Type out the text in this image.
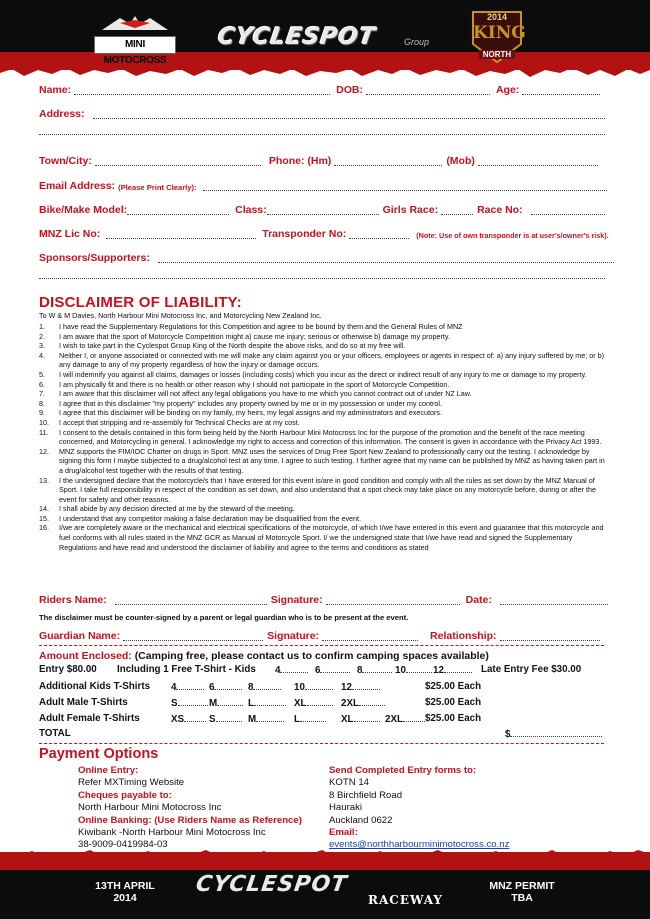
MINI MOTOCROSS
CYCLESPOT	Group
2014
KING
NORTH
Name:	DOB:	Age:
Address:
Town/City:	Phone: (Hm)	(Mob)
Email Address: (Please Print Clearly):
Bike/Make Model:	Class:	Girls Race:	Race No:
MNZ Lic No:	Transponder No:	(Note: Use of own transponder is at user's/owner's risk).
Sponsors/Supporters:
DISCLAIMER OF LIABILITY:
To W & M Davies, North Harbour Mini Motocross Inc, and Motorcycling New Zealand Inc.
1.	I have read the Supplementary Regulations for this Competition and agree to be bound by them and the General Rules of MNZ
2.	I am aware that the sport of Motorcycle Competition might a) cause me injury; serious or otherwise b) damage my property.
3.	I wish to take part in the Cyclespot Group King of the North despite the above risks, and do so at my free will.
4.	Neither I, or anyone associated or connected with me will make any claim against you or your officers, employees or agents in respect of: a) any injury suffered by me; or b) any damage to any of my property regardless of how the injury or damage occurs.
5.	I will indemnify you against all claims, damages or losses (including costs) which you incur as the direct or indirect result of any injury to me or damage to my property.
6.	I am physically fit and there is no health or other reason why I should not participate in the sport of Motorcycle Competition.
7.	I am aware that this disclaimer will not affect any legal obligations you have to me which you cannot contract out of under NZ Law.
8.	I agree that in this disclaimer "my property" includes any property owned by me or in my possession or under my control.
9.	I agree that this disclaimer will be binding on my family, my heirs, my legal assigns and my administrators and executors.
10.	I accept that stripping and re-assembly for Technical Checks are at my cost.
11.	I consent to the details contained in this form being held by the North Harbour Mini Motocross Inc for the purpose of the promotion and the benefit of the race meeting concerned, and Motorcycling in general. I acknowledge my right to access and correction of this information. The consent is given in accordance with the Privacy Act 1993.
12.	MNZ supports the FIM/IOC Charter on drugs in Sport. MNZ uses the services of Drug Free Sport New Zealand to professionally carry out the testing. I acknowledge by signing this form I maybe subjected to a drug/alcohol test at any time. I agree to such testing. I further agree that my name can be published by MNZ as having taken part in a drug/alcohol test together with the results of that testing.
13.	I the undersigned declare that the motorcycle/s that I have entered for this event is/are in good condition and comply with all the rules as set down by the MNZ Manual of Sport. I take full responsibility in respect of the condition as set down, and also understand that a spot check may take place on any motorcycle before, during or after the event for safety and other reasons.
14.	I shall abide by any decision directed at me by the steward of the meeting.
15.	I understand that any competitor making a false declaration may be disqualified from the event.
16.	I/we are completely aware or the mechanical and electrical specifications of the motorcycle, of which I/we have entered in this event and guarantee that this motorcycle and fuel conforms with all rules stated in the MNZ GCR as Manual of Motorcycle Sport. I/ we the undersigned state that I/we have read and signed the Supplementary Regulations and have read and understood the disclaimer of liability and agree to the terms and conditions as stated
Riders Name:	Signature:	Date:
The disclaimer must be counter-signed by a parent or legal guardian who is to be present at the event.
Guardian Name:	Signature:	Relationship:
Amount Enclosed: (Camping free, please contact us to confirm camping spaces available)
Entry $80.00 Including 1 Free T-Shirt - Kids 4	6	8	10	12	Late Entry Fee $30.00
Additional Kids T-Shirts 4	6	8	10	12	$25.00 Each
Adult Male T-Shirts	S	M	L	XL	2XL	$25.00 Each
Adult Female T-Shirts	XS	S	M	L	XL	2XL	$25.00 Each
TOTAL	$
Payment Options
Online Entry:
Refer MXTiming Website
Cheques payable to:
North Harbour Mini Motocross Inc
Online Banking: (Use Riders Name as Reference)
Kiwibank -North Harbour Mini Motocross Inc
38-9009-0419984-03
Send Completed Entry forms to:
KOTN 14
8 Birchfield Road
Hauraki
Auckland 0622
Email:
events@northharbourminimotocross.co.nz
13TH APRIL
2014
CYCLESPOT
RACEWAY
MNZ PERMIT
TBA
